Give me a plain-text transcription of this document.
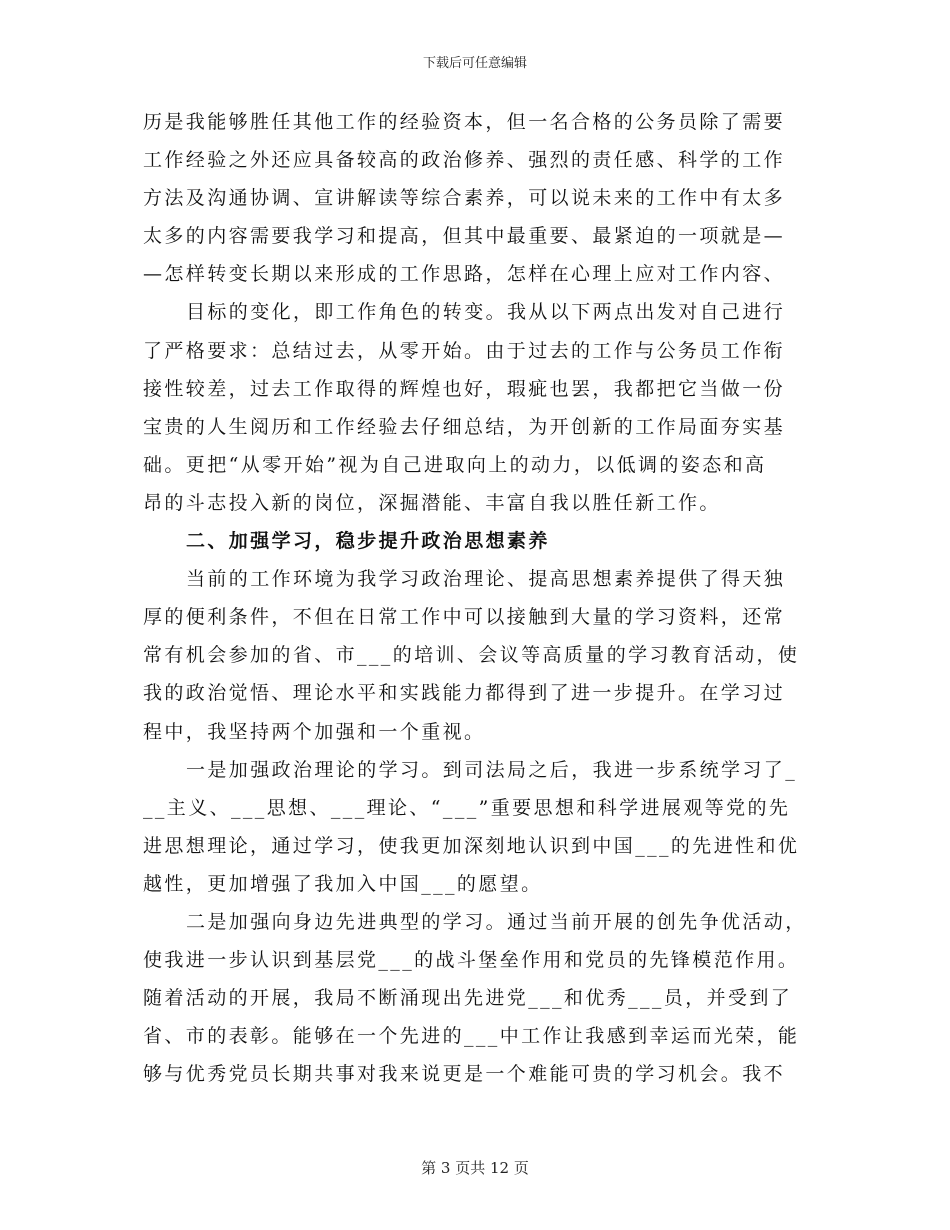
下载后可任意编辑
历是我能够胜任其他工作的经验资本，但一名合格的公务员除了需要
工作经验之外还应具备较高的政治修养、强烈的责任感、科学的工作
方法及沟通协调、宣讲解读等综合素养，可以说未来的工作中有太多
太多的内容需要我学习和提高，但其中最重要、最紧迫的一项就是—
—怎样转变长期以来形成的工作思路，怎样在心理上应对工作内容、
目标的变化，即工作角色的转变。我从以下两点出发对自己进行
了严格要求：总结过去，从零开始。由于过去的工作与公务员工作衔
接性较差，过去工作取得的辉煌也好，瑕疵也罢，我都把它当做一份
宝贵的人生阅历和工作经验去仔细总结，为开创新的工作局面夯实基
础。更把“从零开始”视为自己进取向上的动力，以低调的姿态和高
昂的斗志投入新的岗位，深掘潜能、丰富自我以胜任新工作。
二、加强学习，稳步提升政治思想素养
当前的工作环境为我学习政治理论、提高思想素养提供了得天独
厚的便利条件，不但在日常工作中可以接触到大量的学习资料，还常
常有机会参加的省、市___的培训、会议等高质量的学习教育活动，使
我的政治觉悟、理论水平和实践能力都得到了进一步提升。在学习过
程中，我坚持两个加强和一个重视。
一是加强政治理论的学习。到司法局之后，我进一步系统学习了_
__主义、___思想、___理论、“___”重要思想和科学进展观等党的先
进思想理论，通过学习，使我更加深刻地认识到中国___的先进性和优
越性，更加增强了我加入中国___的愿望。
二是加强向身边先进典型的学习。通过当前开展的创先争优活动，
使我进一步认识到基层党___的战斗堡垒作用和党员的先锋模范作用。
随着活动的开展，我局不断涌现出先进党___和优秀___员，并受到了
省、市的表彰。能够在一个先进的___中工作让我感到幸运而光荣，能
够与优秀党员长期共事对我来说更是一个难能可贵的学习机会。我不
第 3 页共 12 页
